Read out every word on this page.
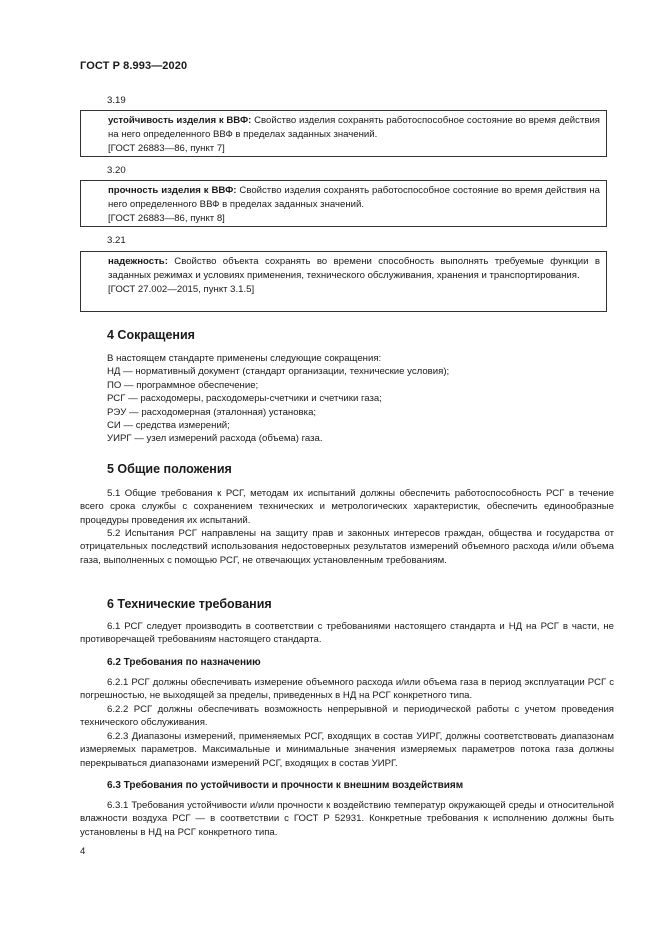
ГОСТ Р 8.993—2020
3.19
устойчивость изделия к ВВФ: Свойство изделия сохранять работоспособное состояние во время действия на него определенного ВВФ в пределах заданных значений.
[ГОСТ 26883—86, пункт 7]
3.20
прочность изделия к ВВФ: Свойство изделия сохранять работоспособное состояние во время действия на него определенного ВВФ в пределах заданных значений.
[ГОСТ 26883—86, пункт 8]
3.21
надежность: Свойство объекта сохранять во времени способность выполнять требуемые функции в заданных режимах и условиях применения, технического обслуживания, хранения и транспортирования.
[ГОСТ 27.002—2015, пункт 3.1.5]
4 Сокращения
В настоящем стандарте применены следующие сокращения:
НД — нормативный документ (стандарт организации, технические условия);
ПО — программное обеспечение;
РСГ — расходомеры, расходомеры-счетчики и счетчики газа;
РЭУ — расходомерная (эталонная) установка;
СИ — средства измерений;
УИРГ — узел измерений расхода (объема) газа.
5 Общие положения

5.1 Общие требования к РСГ, методам их испытаний должны обеспечить работоспособность РСГ в течение всего срока службы с сохранением технических и метрологических характеристик, обеспечить единообразные процедуры проведения их испытаний.

5.2 Испытания РСГ направлены на защиту прав и законных интересов граждан, общества и государства от отрицательных последствий использования недостоверных результатов измерений объемного расхода и/или объема газа, выполненных с помощью РСГ, не отвечающих установленным требованиям.

6 Технические требования

6.1 РСГ следует производить в соответствии с требованиями настоящего стандарта и НД на РСГ в части, не противоречащей требованиям настоящего стандарта.

6.2 Требования по назначению

6.2.1 РСГ должны обеспечивать измерение объемного расхода и/или объема газа в период эксплуатации РСГ с погрешностью, не выходящей за пределы, приведенных в НД на РСГ конкретного типа.

6.2.2 РСГ должны обеспечивать возможность непрерывной и периодической работы с учетом проведения технического обслуживания.

6.2.3 Диапазоны измерений, применяемых РСГ, входящих в состав УИРГ, должны соответствовать диапазонам измеряемых параметров. Максимальные и минимальные значения измеряемых параметров потока газа должны перекрываться диапазонами измерений РСГ, входящих в состав УИРГ.

6.3 Требования по устойчивости и прочности к внешним воздействиям

6.3.1 Требования устойчивости и/или прочности к воздействию температур окружающей среды и относительной влажности воздуха РСГ — в соответствии с ГОСТ Р 52931. Конкретные требования к исполнению должны быть установлены в НД на РСГ конкретного типа.

4
